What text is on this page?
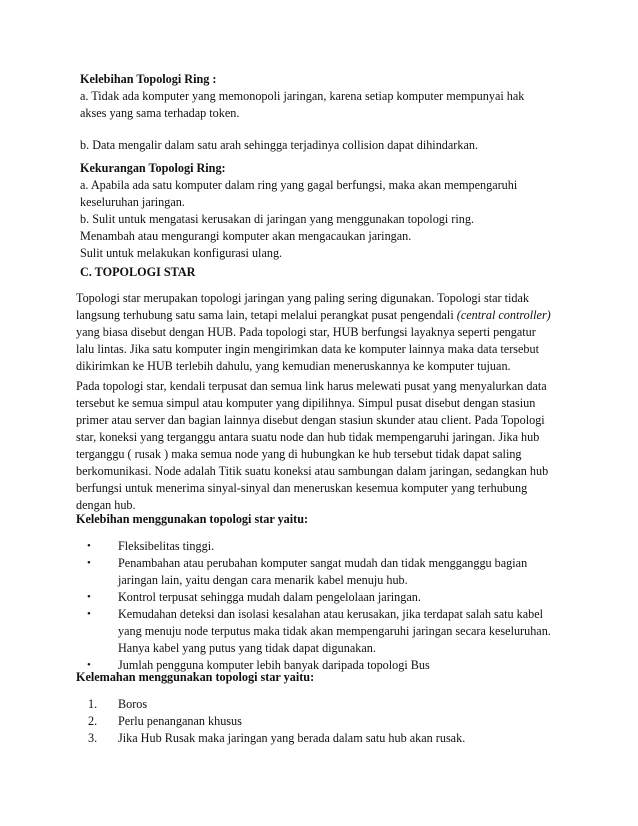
Kelebihan Topologi Ring :
a. Tidak ada komputer yang memonopoli jaringan, karena setiap komputer mempunyai hak
akses yang sama terhadap token.
b. Data mengalir dalam satu arah sehingga terjadinya collision dapat dihindarkan.
Kekurangan Topologi Ring:
a. Apabila ada satu komputer dalam ring yang gagal berfungsi, maka akan mempengaruhi
keseluruhan jaringan.
b. Sulit untuk mengatasi kerusakan di jaringan yang menggunakan topologi ring.
Menambah atau mengurangi komputer akan mengacaukan jaringan.
Sulit untuk melakukan konfigurasi ulang.
C. TOPOLOGI STAR
Topologi star merupakan topologi jaringan yang paling sering digunakan. Topologi star tidak
langsung terhubung satu sama lain, tetapi melalui perangkat pusat pengendali (central controller)
yang biasa disebut dengan HUB. Pada topologi star, HUB berfungsi layaknya seperti pengatur
lalu lintas. Jika satu komputer ingin mengirimkan data ke komputer lainnya maka data tersebut
dikirimkan ke HUB terlebih dahulu, yang kemudian meneruskannya ke komputer tujuan.
Pada topologi star, kendali terpusat dan semua link harus melewati pusat yang menyalurkan data
tersebut ke semua simpul atau komputer yang dipilihnya. Simpul pusat disebut dengan stasiun
primer atau server dan bagian lainnya disebut dengan stasiun skunder atau client. Pada Topologi
star, koneksi yang terganggu antara suatu node dan hub tidak mempengaruhi jaringan. Jika hub
terganggu ( rusak ) maka semua node yang di hubungkan ke hub tersebut tidak dapat saling
berkomunikasi. Node adalah Titik suatu koneksi atau sambungan dalam jaringan, sedangkan hub
berfungsi untuk menerima sinyal-sinyal dan meneruskan kesemua komputer yang terhubung
dengan hub.
Kelebihan menggunakan topologi star yaitu:
•	Fleksibelitas tinggi.
•	Penambahan atau perubahan komputer sangat mudah dan tidak mengganggu bagian
jaringan lain, yaitu dengan cara menarik kabel menuju hub.
•	Kontrol terpusat sehingga mudah dalam pengelolaan jaringan.
•	Kemudahan deteksi dan isolasi kesalahan atau kerusakan, jika terdapat salah satu kabel
yang menuju node terputus maka tidak akan mempengaruhi jaringan secara keseluruhan.
Hanya kabel yang putus yang tidak dapat digunakan.
•	Jumlah pengguna komputer lebih banyak daripada topologi Bus
Kelemahan menggunakan topologi star yaitu:
1.	Boros
2.	Perlu penanganan khusus
3.	Jika Hub Rusak maka jaringan yang berada dalam satu hub akan rusak.
